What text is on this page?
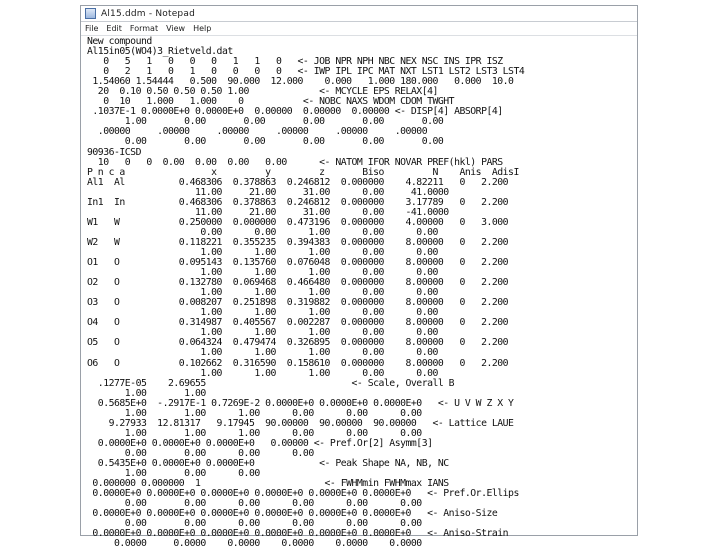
Al15.ddm - Notepad
File Edit Format View Help
New compound
Al15in05(WO4)3_Rietveld.dat
0   5   1   0   0   0   1   1   0   <- JOB NPR NPH NBC NEX NSC INS IPR ISZ
0   2   1   0   1   0   0   0   0   <- IWP IPL IPC MAT NXT LST1 LST2 LST3 LST4
1.54060 1.54444   0.500  90.000  12.000    0.000   1.000 180.000   0.000  10.0
20  0.10 0.50 0.50 0.50 1.00             <- MCYCLE EPS RELAX[4]
0  10   1.000   1.000    0           <- NOBC NAXS WDOM CDOM TWGHT
.1037E-1 0.0000E+0 0.0000E+0  0.00000  0.00000  0.00000 <- DISP[4] ABSORP[4]
1.00       0.00       0.00       0.00       0.00       0.00
.00000     .00000     .00000     .00000     .00000     .00000
0.00       0.00       0.00       0.00       0.00       0.00
90936-ICSD
10   0   0  0.00  0.00  0.00   0.00      <- NATOM IFOR NOVAR PREF(hkl) PARS
P n c a                x         y         z       Biso         N    Anis  AdisI
Al1  Al          0.468306  0.378863  0.246812  0.000000    4.82211   0   2.200
11.00     21.00     31.00      0.00     41.0000
In1  In          0.468306  0.378863  0.246812  0.000000    3.17789   0   2.200
11.00     21.00     31.00      0.00    -41.0000
W1   W           0.250000  0.000000  0.473196  0.000000    4.00000   0   3.000
0.00      0.00      1.00      0.00      0.00
W2   W           0.118221  0.355235  0.394383  0.000000    8.00000   0   2.200
1.00      1.00      1.00      0.00      0.00
O1   O           0.095143  0.135760  0.076048  0.000000    8.00000   0   2.200
1.00      1.00      1.00      0.00      0.00
O2   O           0.132780  0.069468  0.466480  0.000000    8.00000   0   2.200
1.00      1.00      1.00      0.00      0.00
O3   O           0.008207  0.251898  0.319882  0.000000    8.00000   0   2.200
1.00      1.00      1.00      0.00      0.00
O4   O           0.314987  0.405567  0.002287  0.000000    8.00000   0   2.200
1.00      1.00      1.00      0.00      0.00
O5   O           0.064324  0.479474  0.326895  0.000000    8.00000   0   2.200
1.00      1.00      1.00      0.00      0.00
O6   O           0.102662  0.316590  0.158610  0.000000    8.00000   0   2.200
1.00      1.00      1.00      0.00      0.00
.1277E-05    2.69655                           <- Scale, Overall B
1.00       1.00
0.5685E+0  -.2917E-1 0.7269E-2 0.0000E+0 0.0000E+0 0.0000E+0   <- U V W Z X Y
1.00       1.00      1.00      0.00      0.00      0.00
9.27933  12.81317   9.17945  90.00000  90.00000  90.00000   <- Lattice LAUE
1.00       1.00      1.00      0.00      0.00      0.00
0.0000E+0 0.0000E+0 0.0000E+0   0.00000 <- Pref.Or[2] Asymm[3]
0.00       0.00      0.00      0.00
0.5435E+0 0.0000E+0 0.0000E+0            <- Peak Shape NA, NB, NC
1.00       0.00      0.00
0.000000 0.000000  1                       <- FWHMmin FWHMmax IANS
0.0000E+0 0.0000E+0 0.0000E+0 0.0000E+0 0.0000E+0 0.0000E+0   <- Pref.Or.Ellips
0.00       0.00      0.00      0.00      0.00      0.00
0.0000E+0 0.0000E+0 0.0000E+0 0.0000E+0 0.0000E+0 0.0000E+0   <- Aniso-Size
0.00       0.00      0.00      0.00      0.00      0.00
0.0000E+0 0.0000E+0 0.0000E+0 0.0000E+0 0.0000E+0 0.0000E+0   <- Aniso-Strain
0.0000     0.0000    0.0000    0.0000    0.0000    0.0000
